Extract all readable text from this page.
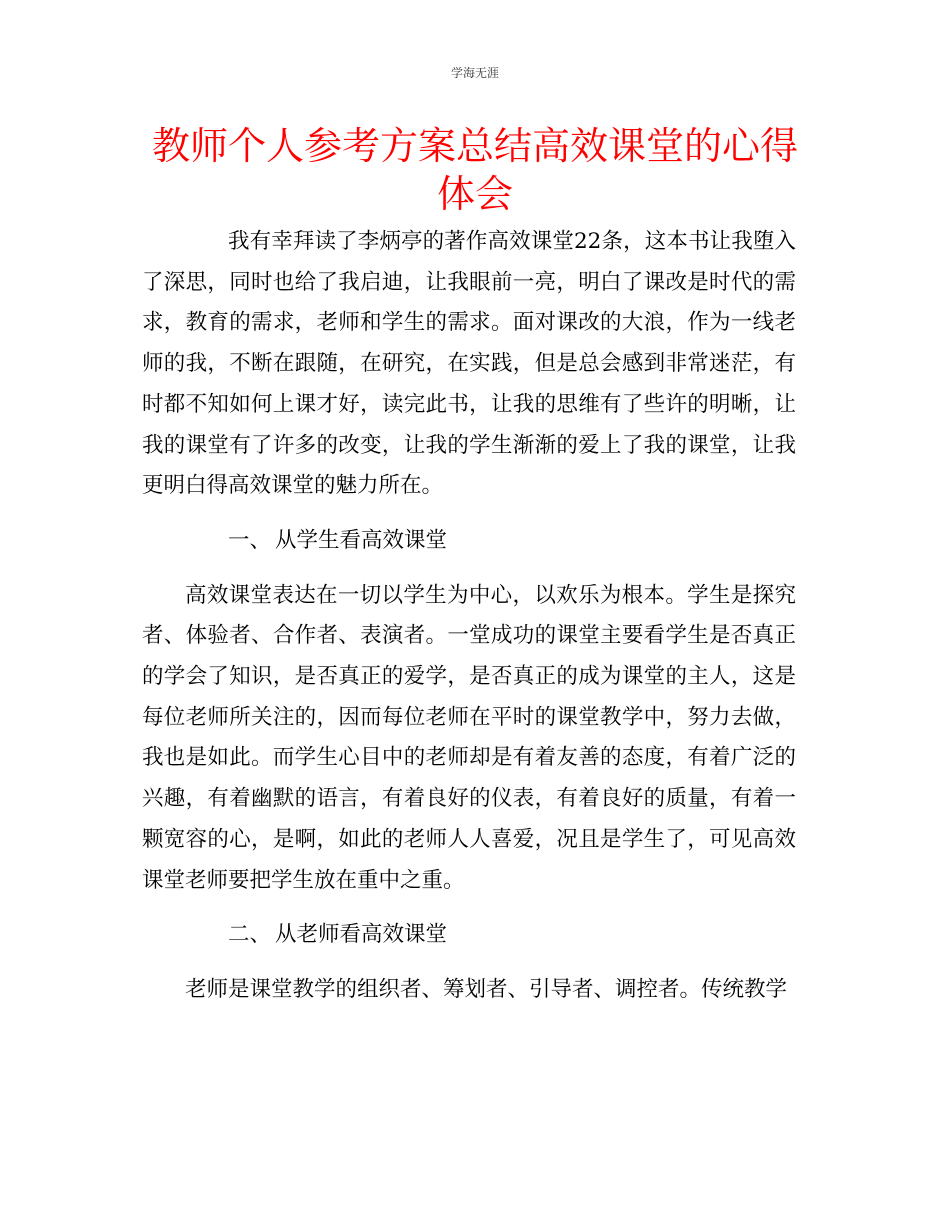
学海无涯
教师个人参考方案总结高效课堂的心得体会

我有幸拜读了李炳亭的著作高效课堂22条，这本书让我堕入了深思，同时也给了我启迪，让我眼前一亮，明白了课改是时代的需求，教育的需求，老师和学生的需求。面对课改的大浪，作为一线老师的我，不断在跟随，在研究，在实践，但是总会感到非常迷茫，有时都不知如何上课才好，读完此书，让我的思维有了些许的明晰，让我的课堂有了许多的改变，让我的学生渐渐的爱上了我的课堂，让我更明白得高效课堂的魅力所在。

一、 从学生看高效课堂

高效课堂表达在一切以学生为中心，以欢乐为根本。学生是探究者、体验者、合作者、表演者。一堂成功的课堂主要看学生是否真正的学会了知识，是否真正的爱学，是否真正的成为课堂的主人，这是每位老师所关注的，因而每位老师在平时的课堂教学中，努力去做，我也是如此。而学生心目中的老师却是有着友善的态度，有着广泛的兴趣，有着幽默的语言，有着良好的仪表，有着良好的质量，有着一颗宽容的心，是啊，如此的老师人人喜爱，况且是学生了，可见高效课堂老师要把学生放在重中之重。

二、 从老师看高效课堂

老师是课堂教学的组织者、筹划者、引导者、调控者。传统教学
